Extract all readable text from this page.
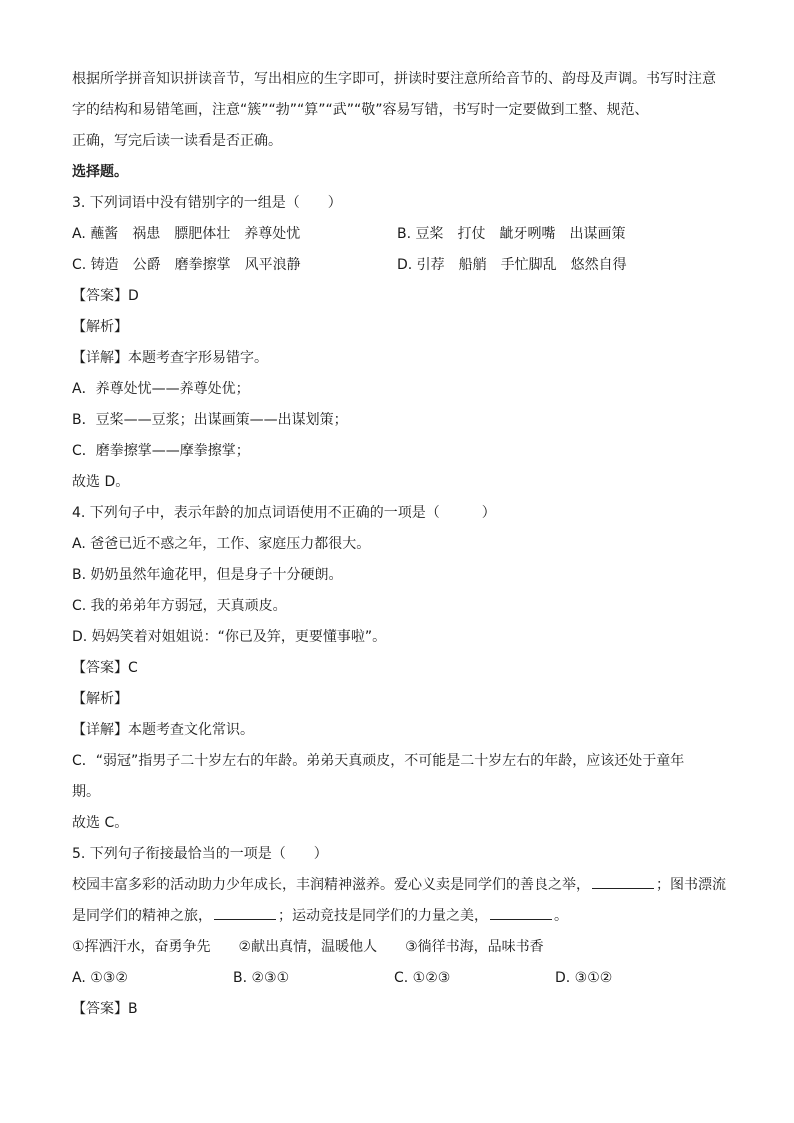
根据所学拼音知识拼读音节，写出相应的生字即可，拼读时要注意所给音节的、韵母及声调。书写时注意
字的结构和易错笔画，注意“簇”“勃”“算”“武”“敬”容易写错，书写时一定要做到工整、规范、
正确，写完后读一读看是否正确。
选择题。
3. 下列词语中没有错别字的一组是（　　）
A. 蘸酱　祸患　膘肥体壮　养尊处忧	B. 豆桨　打仗　龇牙咧嘴　出谋画策
C. 铸造　公爵　磨拳擦掌　风平浪静	D. 引荐　船艄　手忙脚乱　悠然自得
【答案】D
【解析】
【详解】本题考查字形易错字。
A．养尊处忧——养尊处优；
B．豆桨——豆浆；出谋画策——出谋划策；
C．磨拳擦掌——摩拳擦掌；
故选 D。
4. 下列句子中，表示年龄的加点词语使用不正确的一项是（　　　）
A. 爸爸已近不惑之年，工作、家庭压力都很大。
B. 奶奶虽然年逾花甲，但是身子十分硬朗。
C. 我的弟弟年方弱冠，天真顽皮。
D. 妈妈笑着对姐姐说：“你已及笄，更要懂事啦”。
【答案】C
【解析】
【详解】本题考查文化常识。
C．“弱冠”指男子二十岁左右的年龄。弟弟天真顽皮，不可能是二十岁左右的年龄，应该还处于童年
期。
故选 C。
5. 下列句子衔接最恰当的一项是（　　）
校园丰富多彩的活动助力少年成长，丰润精神滋养。爱心义卖是同学们的善良之举，	；图书漂流
是同学们的精神之旅，	；运动竞技是同学们的力量之美，	。
①挥洒汗水，奋勇争先　　②献出真情，温暖他人　　③徜徉书海，品味书香
A. ①③②	B. ②③①	C. ①②③	D. ③①②
【答案】B
